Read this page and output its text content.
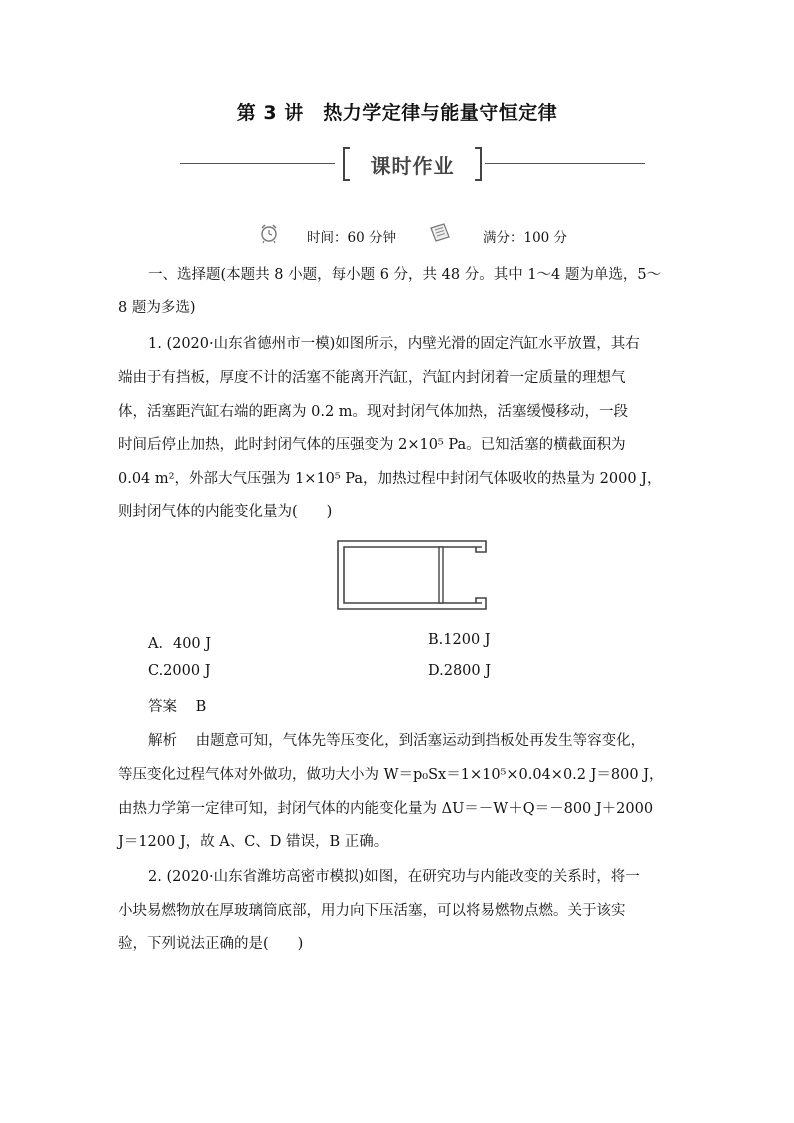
第 3 讲　热力学定律与能量守恒定律
课时作业
时间：60 分钟	满分：100 分
一、选择题(本题共 8 小题，每小题 6 分，共 48 分。其中 1～4 题为单选，5～
8 题为多选)
1. (2020·山东省德州市一模)如图所示，内壁光滑的固定汽缸水平放置，其右
端由于有挡板，厚度不计的活塞不能离开汽缸，汽缸内封闭着一定质量的理想气
体，活塞距汽缸右端的距离为 0.2 m。现对封闭气体加热，活塞缓慢移动，一段
时间后停止加热，此时封闭气体的压强变为 2×10⁵ Pa。已知活塞的横截面积为
0.04 m²，外部大气压强为 1×10⁵ Pa，加热过程中封闭气体吸收的热量为 2000 J，
则封闭气体的内能变化量为(　　)
A．400 J	B.1200 J
C.2000 J	D.2800 J
答案 B
解析 由题意可知，气体先等压变化，到活塞运动到挡板处再发生等容变化，
等压变化过程气体对外做功，做功大小为 W＝p₀Sx＝1×10⁵×0.04×0.2 J＝800 J，
由热力学第一定律可知，封闭气体的内能变化量为 ΔU＝－W＋Q＝－800 J＋2000
J＝1200 J，故 A、C、D 错误，B 正确。
2. (2020·山东省潍坊高密市模拟)如图，在研究功与内能改变的关系时，将一
小块易燃物放在厚玻璃筒底部，用力向下压活塞，可以将易燃物点燃。关于该实
验，下列说法正确的是(　　)
